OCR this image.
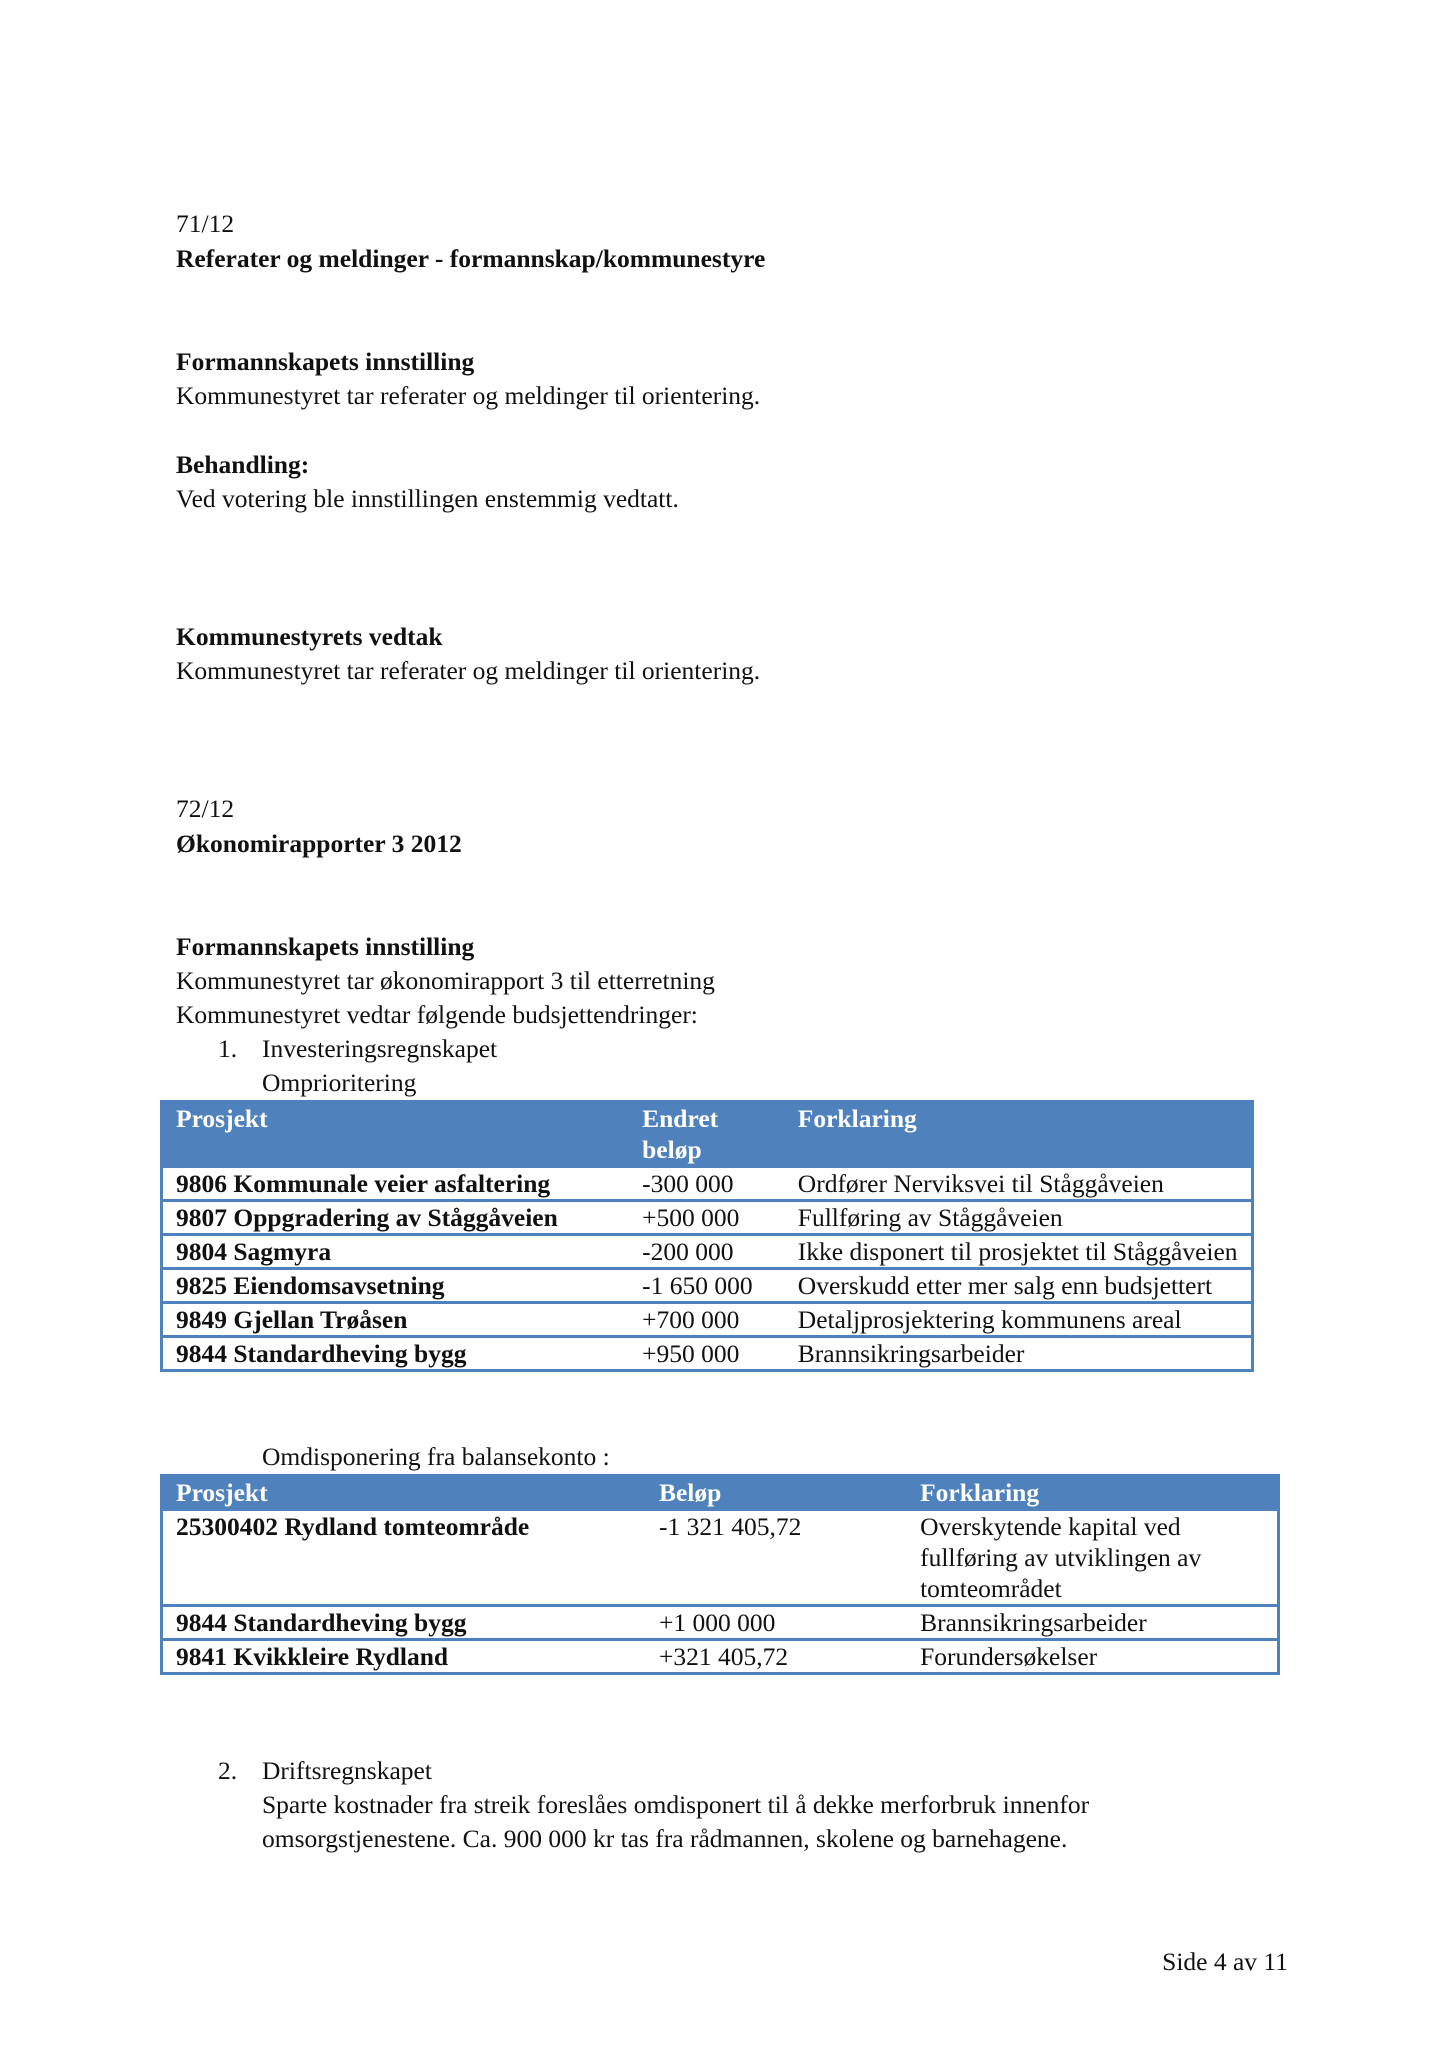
71/12

Referater og meldinger - formannskap/kommunestyre

Formannskapets innstilling

Kommunestyret tar referater og meldinger til orientering.

Behandling:

Ved votering ble innstillingen enstemmig vedtatt.

Kommunestyrets vedtak

Kommunestyret tar referater og meldinger til orientering.

72/12

Økonomirapporter 3 2012

Formannskapets innstilling

Kommunestyret tar økonomirapport 3 til etterretning

Kommunestyret vedtar følgende budsjettendringer:

1. Investeringsregnskapet

Omprioritering

Prosjekt	Endret beløp	Forklaring
9806 Kommunale veier asfaltering	-300 000	Ordfører Nerviksvei til Ståggåveien
9807 Oppgradering av Ståggåveien	+500 000	Fullføring av Ståggåveien
9804 Sagmyra	-200 000	Ikke disponert til prosjektet til Ståggåveien
9825 Eiendomsavsetning	-1 650 000	Overskudd etter mer salg enn budsjettert
9849 Gjellan Trøåsen	+700 000	Detaljprosjektering kommunens areal
9844 Standardheving bygg	+950 000	Brannsikringsarbeider

Omdisponering fra balansekonto :

Prosjekt	Beløp	Forklaring
25300402 Rydland tomteområde	-1 321 405,72	Overskytende kapital ved fullføring av utviklingen av tomteområdet
9844 Standardheving bygg	+1 000 000	Brannsikringsarbeider
9841 Kvikkleire Rydland	+321 405,72	Forundersøkelser

2. Driftsregnskapet

Sparte kostnader fra streik foreslåes omdisponert til å dekke merforbruk innenfor omsorgstjenestene. Ca. 900 000 kr tas fra rådmannen, skolene og barnehagene.

Side 4 av 11
